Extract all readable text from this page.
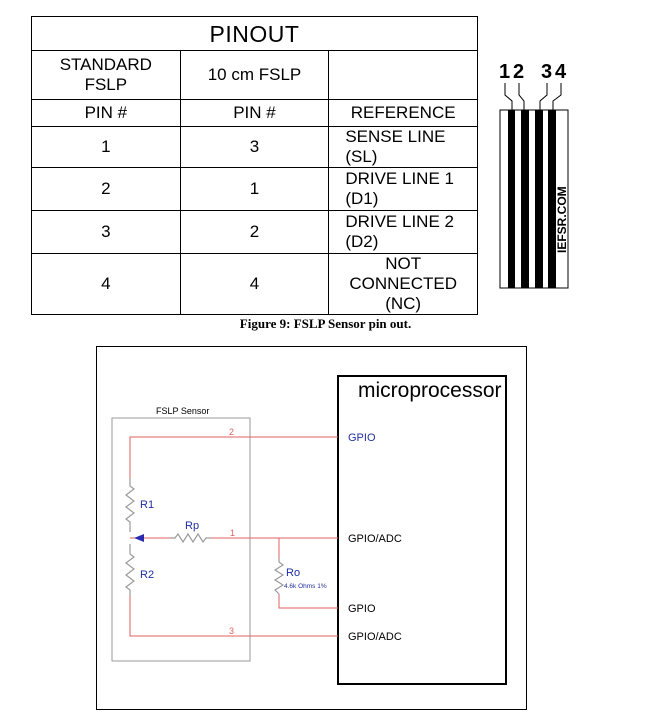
PINOUT		
STANDARD
FSLP	10 cm FSLP	
PIN #	PIN #	REFERENCE
1	3	SENSE LINE (SL)
2	1	DRIVE LINE 1 (D1)
3	2	DRIVE LINE 2 (D2)
4	4	NOT CONNECTED
(NC)
1 2 3 4
IEFSR.COM
Figure 9: FSLP Sensor pin out.
microprocessor
FSLP Sensor
2
1
3
R1
R2
Rp
Ro
4.6k Ohms 1%
GPIO
GPIO/ADC
GPIO
GPIO/ADC
